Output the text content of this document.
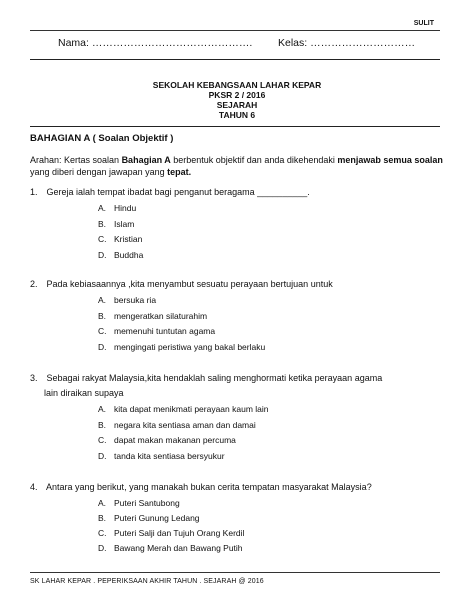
SULIT
Nama: ………………………………………. Kelas: …………………………
SEKOLAH KEBANGSAAN LAHAR KEPAR
PKSR 2 / 2016
SEJARAH
TAHUN 6
BAHAGIAN A ( Soalan Objektif )
Arahan: Kertas soalan Bahagian A berbentuk objektif dan anda dikehendaki menjawab semua soalan yang diberi dengan jawapan yang tepat.
1. Gereja ialah tempat ibadat bagi penganut beragama __________.
A. Hindu
B. Islam
C. Kristian
D. Buddha
2. Pada kebiasaannya ,kita menyambut sesuatu perayaan bertujuan untuk
A. bersuka ria
B. mengeratkan silaturahim
C. memenuhi tuntutan agama
D. mengingati peristiwa yang bakal berlaku
3. Sebagai rakyat Malaysia,kita hendaklah saling menghormati ketika perayaan agama
lain diraikan supaya
A. kita dapat menikmati perayaan kaum lain
B. negara kita sentiasa aman dan damai
C. dapat makan makanan percuma
D. tanda kita sentiasa bersyukur
4. Antara yang berikut, yang manakah bukan cerita tempatan masyarakat Malaysia?
A. Puteri Santubong
B. Puteri Gunung Ledang
C. Puteri Salji dan Tujuh Orang Kerdil
D. Bawang Merah dan Bawang Putih
SK LAHAR KEPAR . PEPERIKSAAN AKHIR TAHUN . SEJARAH @ 2016
